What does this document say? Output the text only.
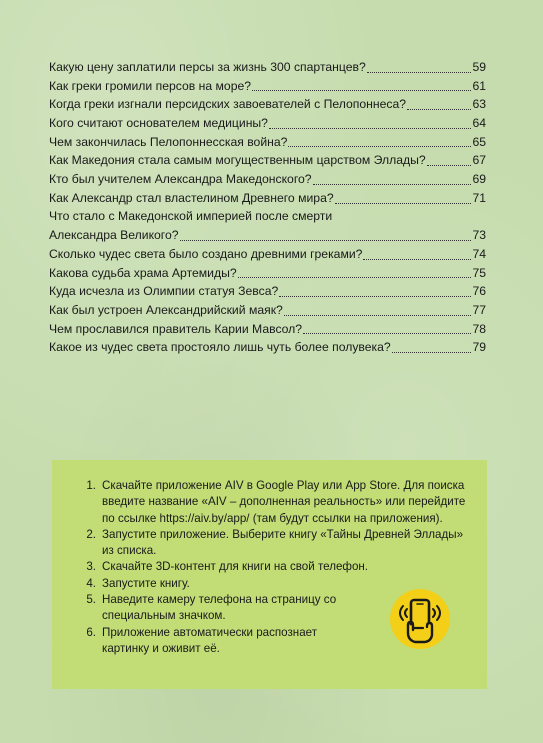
Какую цену заплатили персы за жизнь 300 спартанцев?	59
Как греки громили персов на море?	61
Когда греки изгнали персидских завоевателей с Пелопоннеса?	63
Кого считают основателем медицины?	64
Чем закончилась Пелопоннесская война?	65
Как Македония стала самым могущественным царством Эллады?	67
Кто был учителем Александра Македонского?	69
Как Александр стал властелином Древнего мира?	71
Что стало с Македонской империей после смерти
Александра Великого?	73
Сколько чудес света было создано древними греками?	74
Какова судьба храма Артемиды?	75
Куда исчезла из Олимпии статуя Зевса?	76
Как был устроен Александрийский маяк?	77
Чем прославился правитель Карии Мавсол?	78
Какое из чудес света простояло лишь чуть более полувека?	79
1. Скачайте приложение AIV в Google Play или App Store. Для поиска введите название «AIV – дополненная реальность» или перейдите по ссылке https://aiv.by/app/ (там будут ссылки на приложения).
2. Запустите приложение. Выберите книгу «Тайны Древней Эллады» из списка.
3. Скачайте 3D-контент для книги на свой телефон.
4. Запустите книгу.
5. Наведите камеру телефона на страницу со специальным значком.
6. Приложение автоматически распознает картинку и оживит её.
